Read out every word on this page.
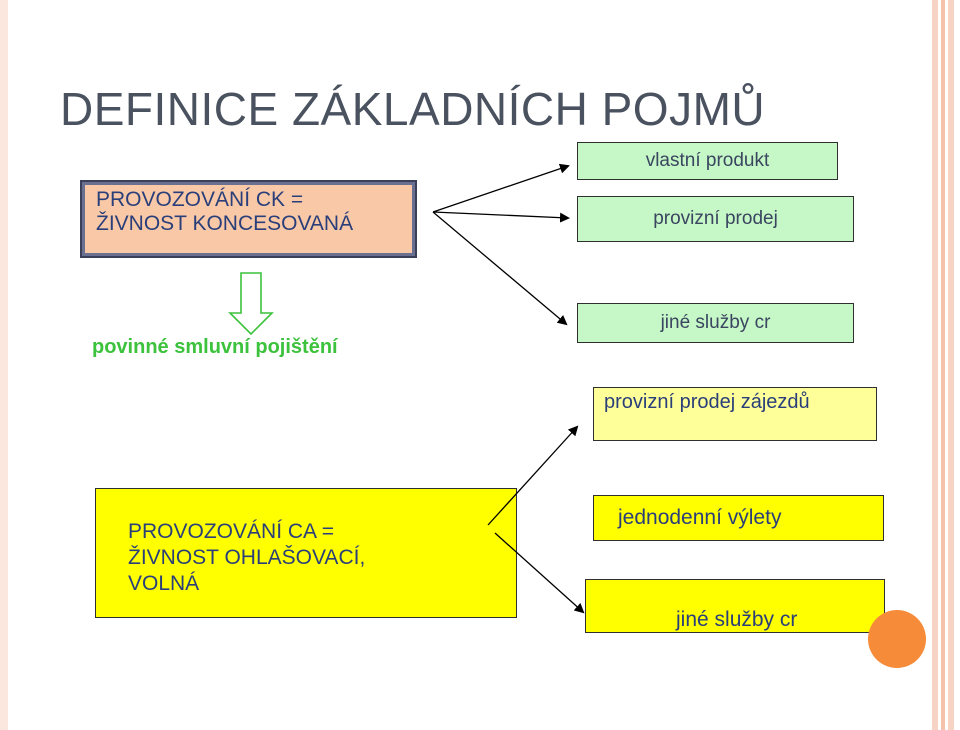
DEFINICE ZÁKLADNÍCH POJMŮ
PROVOZOVÁNÍ CK =
ŽIVNOST KONCESOVANÁ
vlastní produkt
provizní prodej
jiné služby cr
povinné smluvní pojištění
provizní prodej zájezdů
PROVOZOVÁNÍ CA =
ŽIVNOST OHLAŠOVACÍ,
VOLNÁ
jednodenní výlety
jiné služby cr
